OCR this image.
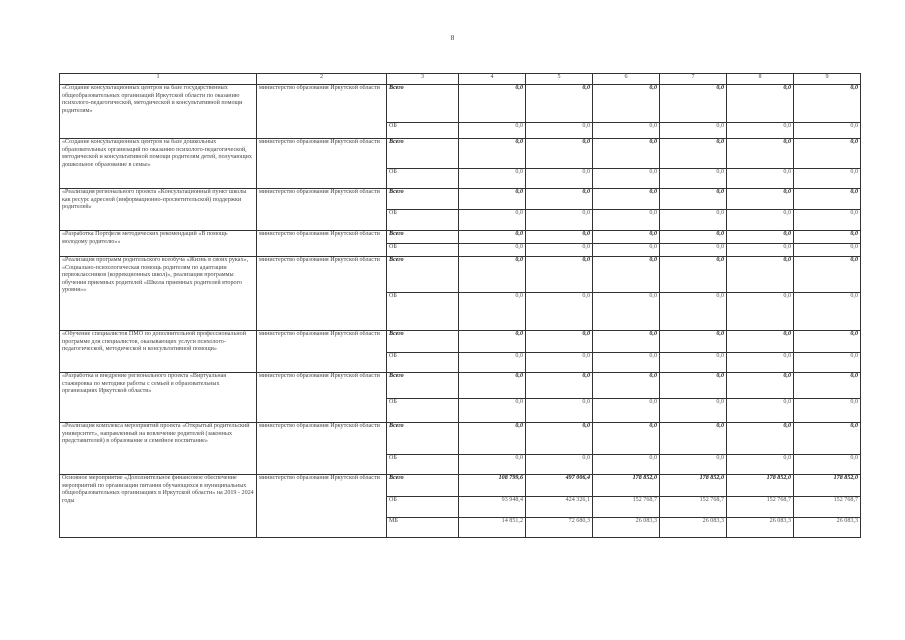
8
1	2	3	4	5	6	7	8	9
«Создание консультационных центров на базе государственных общеобразовательных организаций Иркутской области по оказанию психолого-педагогической, методической и консультативной помощи родителям»	министерство образования Иркутской области	Всего	0,0	0,0	0,0	0,0	0,0	0,0
		ОБ	0,0	0,0	0,0	0,0	0,0	0,0
«Создание консультационных центров на базе дошкольных образовательных организаций по оказанию психолого-педагогической, методической и консультативной помощи родителям детей, получающих дошкольное образование в семье»	министерство образования Иркутской области	Всего	0,0	0,0	0,0	0,0	0,0	0,0
		ОБ	0,0	0,0	0,0	0,0	0,0	0,0
«Реализация регионального проекта «Консультационный пункт школы как ресурс адресной (информационно-просветительской) поддержки родителей»	министерство образования Иркутской области	Всего	0,0	0,0	0,0	0,0	0,0	0,0
		ОБ	0,0	0,0	0,0	0,0	0,0	0,0
«Разработка Портфеля методических рекомендаций «В помощь молодому родителю»»	министерство образования Иркутской области	Всего	0,0	0,0	0,0	0,0	0,0	0,0
		ОБ	0,0	0,0	0,0	0,0	0,0	0,0
«Реализация программ родительского всеобуча «Жизнь в своих руках», «Социально-психологическая помощь родителям по адаптации первоклассников (коррекционных школ)», реализация программы обучения приемных родителей «Школа приемных родителей второго уровня»»	министерство образования Иркутской области	Всего	0,0	0,0	0,0	0,0	0,0	0,0
		ОБ	0,0	0,0	0,0	0,0	0,0	0,0
«Обучение специалистов ПМО по дополнительной профессиональной программе для специалистов, оказывающих услуги психолого-педагогической, методической и консультативной помощи»	министерство образования Иркутской области	Всего	0,0	0,0	0,0	0,0	0,0	0,0
		ОБ	0,0	0,0	0,0	0,0	0,0	0,0
«Разработка и внедрение регионального проекта «Виртуальная стажировка по методике работы с семьей в образовательных организациях Иркутской области»	министерство образования Иркутской области	Всего	0,0	0,0	0,0	0,0	0,0	0,0
		ОБ	0,0	0,0	0,0	0,0	0,0	0,0
«Реализация комплекса мероприятий проекта «Открытый родительский университет», направленный на вовлечение родителей (законных представителей) в образование и семейное воспитание»	министерство образования Иркутской области	Всего	0,0	0,0	0,0	0,0	0,0	0,0
		ОБ	0,0	0,0	0,0	0,0	0,0	0,0
Основное мероприятие «Дополнительное финансовое обеспечение мероприятий по организации питания обучающихся в муниципальных общеобразовательных организациях в Иркутской области» на 2019 - 2024 годы	министерство образования Иркутской области	Всего	108 799,6	497 006,4	178 852,0	178 852,0	178 852,0	178 852,0
		ОБ	93 948,4	424 326,1	152 768,7	152 768,7	152 768,7	152 768,7
		МБ	14 851,2	72 680,3	26 083,3	26 083,3	26 083,3	26 083,3
